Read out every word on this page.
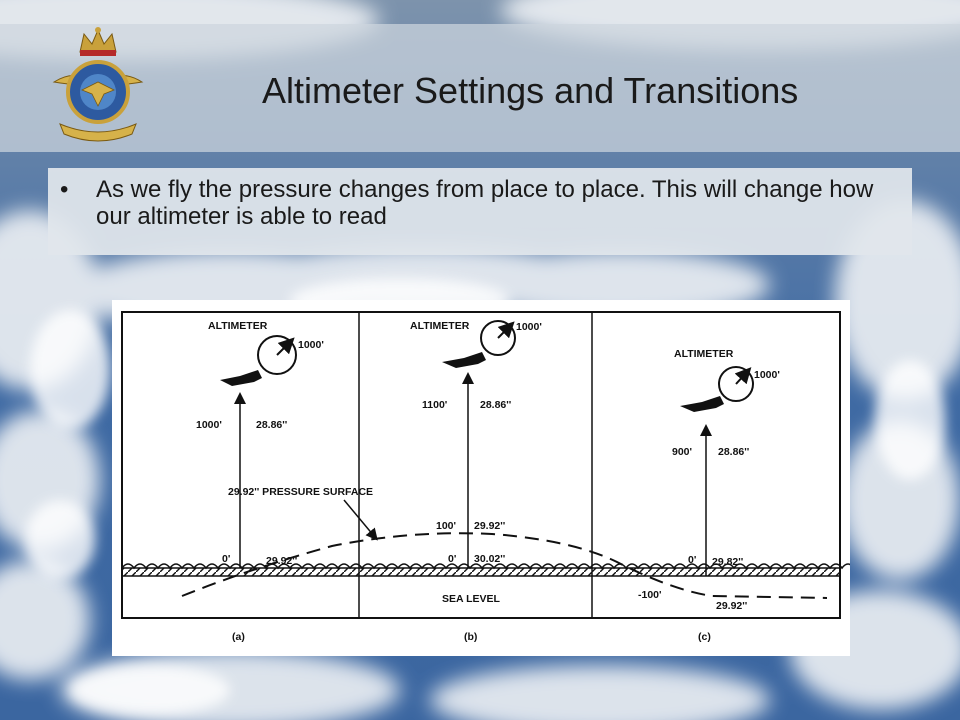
Altimeter Settings and Transitions
• As we fly the pressure changes from place to place. This will change how our altimeter is able to read
ALTIMETER
1000'
1000'	28.86''
29.92'' PRESSURE SURFACE
0'	29.92''
(a)
ALTIMETER	1000'
1100'	28.86''
100' 29.92''
0' 30.02''
SEA LEVEL
(b)
ALTIMETER
1000'
900' 28.86''
0' 29.82''
-100'
29.92''
(c)
